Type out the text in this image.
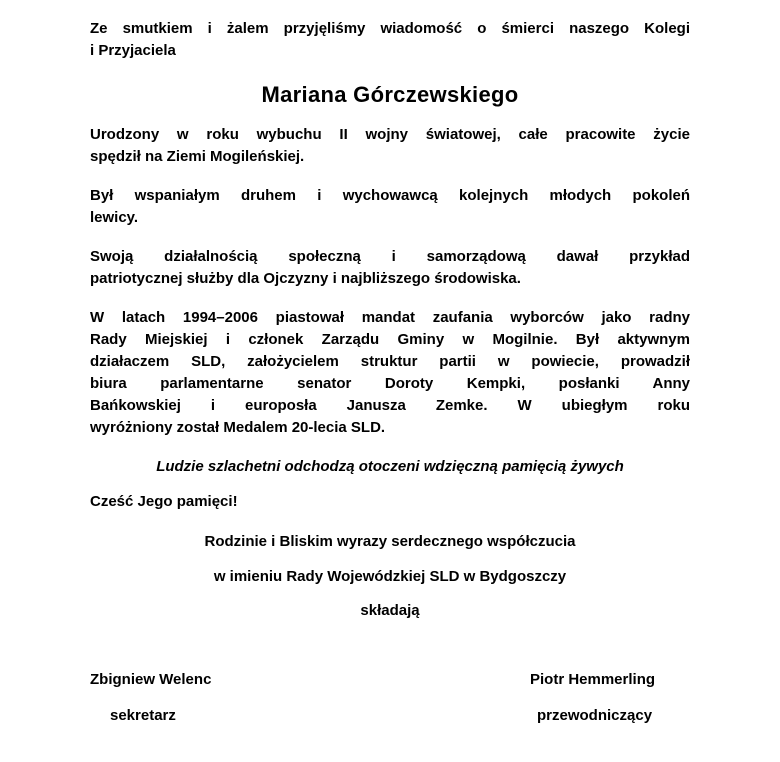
Ze smutkiem i żalem przyjęliśmy wiadomość o śmierci naszego Kolegi
i Przyjaciela
Mariana Górczewskiego
Urodzony w roku wybuchu II wojny światowej, całe pracowite życie
spędził na Ziemi Mogileńskiej.
Był wspaniałym druhem i wychowawcą kolejnych młodych pokoleń
lewicy.
Swoją działalnością społeczną i samorządową dawał przykład
patriotycznej służby dla Ojczyzny i najbliższego środowiska.
W latach 1994–2006 piastował mandat zaufania wyborców jako radny
Rady Miejskiej i członek Zarządu Gminy w Mogilnie. Był aktywnym
działaczem SLD, założycielem struktur partii w powiecie, prowadził
biura parlamentarne senator Doroty Kempki, posłanki Anny
Bańkowskiej i europosła Janusza Zemke. W ubiegłym roku
wyróżniony został Medalem 20-lecia SLD.
Ludzie szlachetni odchodzą otoczeni wdzięczną pamięcią żywych
Cześć Jego pamięci!
Rodzinie i Bliskim wyrazy serdecznego współczucia
w imieniu Rady Wojewódzkiej SLD w Bydgoszczy
składają
Zbigniew Welenc
sekretarz
Piotr Hemmerling
przewodniczący
